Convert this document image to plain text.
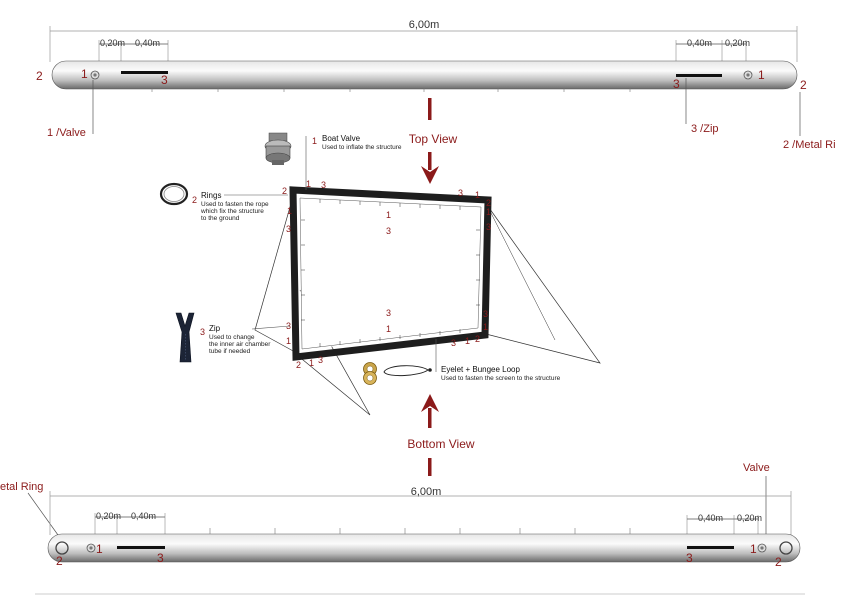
6,00m
0,20m 0,40m	0,40m 0,20m
2	1	3	3
1
2
1 /Valve	3 /Zip
2 /Metal Ri
Top View
Bottom View
2
1 3
1
3
3 1
2
1
3
1
3
3
1
3
1
2 1 3
3 1 2
3
1
1 Boat Valve
Used to inflate the structure
2 Rings
Used to fasten the rope
which fix the structure
to the ground
3 Zip
Used to change
the inner air chamber
tube if needed
Eyelet + Bungee Loop
Used to fasten the screen to the structure
etal Ring
Valve
6,00m
0,20m 0,40m	0,40m 0,20m
2
1
3	3
1
2
